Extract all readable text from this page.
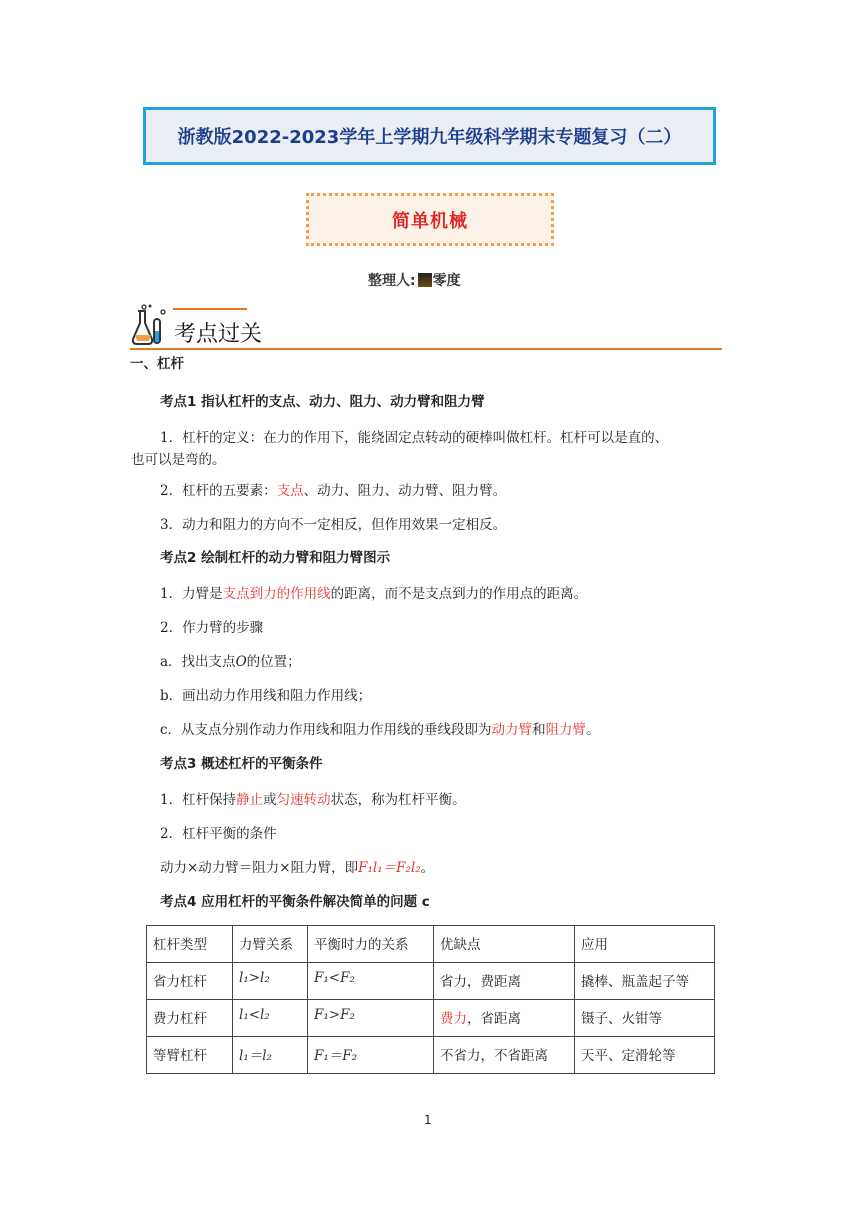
浙教版2022-2023学年上学期九年级科学期末专题复习（二）
简单机械
整理人: 零度
考点过关
一、杠杆
考点1 指认杠杆的支点、动力、阻力、动力臂和阻力臂
1．杠杆的定义：在力的作用下，能绕固定点转动的硬棒叫做杠杆。杠杆可以是直的、
也可以是弯的。
2．杠杆的五要素：支点、动力、阻力、动力臂、阻力臂。
3．动力和阻力的方向不一定相反，但作用效果一定相反。
考点2 绘制杠杆的动力臂和阻力臂图示
1．力臂是支点到力的作用线的距离，而不是支点到力的作用点的距离。
2．作力臂的步骤
a．找出支点O的位置；
b．画出动力作用线和阻力作用线；
c．从支点分别作动力作用线和阻力作用线的垂线段即为动力臂和阻力臂。
考点3 概述杠杆的平衡条件
1．杠杆保持静止或匀速转动状态，称为杠杆平衡。
2．杠杆平衡的条件
动力×动力臂＝阻力×阻力臂，即F₁l₁＝F₂l₂。
考点4 应用杠杆的平衡条件解决简单的问题 c
杠杆类型	力臂关系	平衡时力的关系	优缺点	应用
省力杠杆	l₁>l₂	F₁<F₂	省力，费距离	撬棒、瓶盖起子等
费力杠杆	l₁<l₂	F₁>F₂	费力，省距离	镊子、火钳等
等臂杠杆	l₁＝l₂	F₁＝F₂	不省力，不省距离	天平、定滑轮等
1
